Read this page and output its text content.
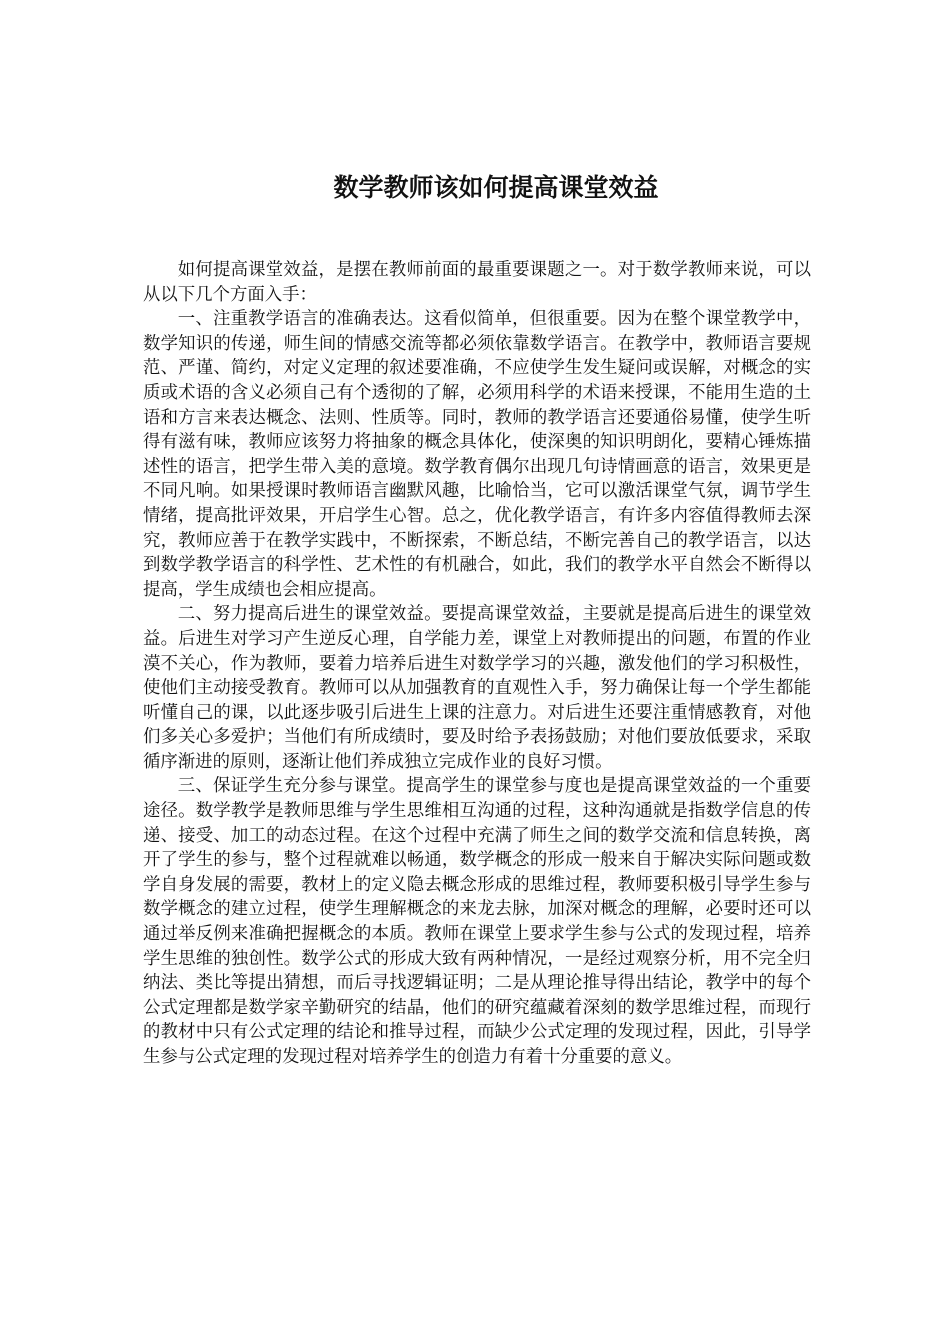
数学教师该如何提高课堂效益

如何提高课堂效益，是摆在教师前面的最重要课题之一。对于数学教师来说，可以从以下几个方面入手：

一、注重教学语言的准确表达。这看似简单，但很重要。因为在整个课堂教学中，数学知识的传递，师生间的情感交流等都必须依靠数学语言。在教学中，教师语言要规范、严谨、简约，对定义定理的叙述要准确，不应使学生发生疑问或误解，对概念的实质或术语的含义必须自己有个透彻的了解，必须用科学的术语来授课，不能用生造的土语和方言来表达概念、法则、性质等。同时，教师的教学语言还要通俗易懂，使学生听得有滋有味，教师应该努力将抽象的概念具体化，使深奥的知识明朗化，要精心锤炼描述性的语言，把学生带入美的意境。数学教育偶尔出现几句诗情画意的语言，效果更是不同凡响。如果授课时教师语言幽默风趣，比喻恰当，它可以激活课堂气氛，调节学生情绪，提高批评效果，开启学生心智。总之，优化教学语言，有许多内容值得教师去深究，教师应善于在教学实践中，不断探索，不断总结，不断完善自己的教学语言，以达到数学教学语言的科学性、艺术性的有机融合，如此，我们的教学水平自然会不断得以提高，学生成绩也会相应提高。

二、努力提高后进生的课堂效益。要提高课堂效益，主要就是提高后进生的课堂效益。后进生对学习产生逆反心理，自学能力差，课堂上对教师提出的问题，布置的作业漠不关心，作为教师，要着力培养后进生对数学学习的兴趣，激发他们的学习积极性，使他们主动接受教育。教师可以从加强教育的直观性入手，努力确保让每一个学生都能听懂自己的课，以此逐步吸引后进生上课的注意力。对后进生还要注重情感教育，对他们多关心多爱护；当他们有所成绩时，要及时给予表扬鼓励；对他们要放低要求，采取循序渐进的原则，逐渐让他们养成独立完成作业的良好习惯。

三、保证学生充分参与课堂。提高学生的课堂参与度也是提高课堂效益的一个重要途径。数学教学是教师思维与学生思维相互沟通的过程，这种沟通就是指数学信息的传递、接受、加工的动态过程。在这个过程中充满了师生之间的数学交流和信息转换，离开了学生的参与，整个过程就难以畅通，数学概念的形成一般来自于解决实际问题或数学自身发展的需要，教材上的定义隐去概念形成的思维过程，教师要积极引导学生参与数学概念的建立过程，使学生理解概念的来龙去脉，加深对概念的理解，必要时还可以通过举反例来准确把握概念的本质。教师在课堂上要求学生参与公式的发现过程，培养学生思维的独创性。数学公式的形成大致有两种情况，一是经过观察分析，用不完全归纳法、类比等提出猜想，而后寻找逻辑证明；二是从理论推导得出结论，教学中的每个公式定理都是数学家辛勤研究的结晶，他们的研究蕴藏着深刻的数学思维过程，而现行的教材中只有公式定理的结论和推导过程，而缺少公式定理的发现过程，因此，引导学生参与公式定理的发现过程对培养学生的创造力有着十分重要的意义。
